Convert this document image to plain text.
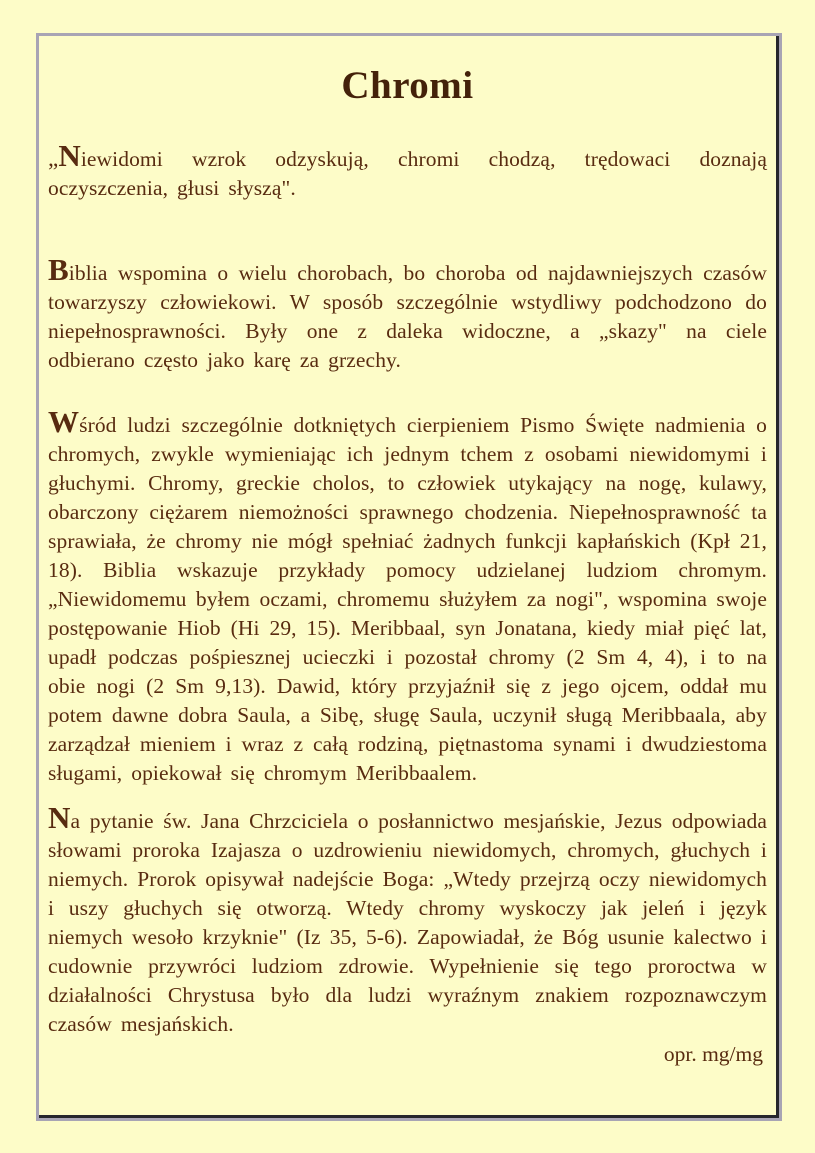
Chromi

„Niewidomi wzrok odzyskują, chromi chodzą, trędowaci doznają oczyszczenia, głusi słyszą".

Biblia wspomina o wielu chorobach, bo choroba od najdawniejszych czasów towarzyszy człowiekowi. W sposób szczególnie wstydliwy podchodzono do niepełnosprawności. Były one z daleka widoczne, a „skazy" na ciele odbierano często jako karę za grzechy.

Wśród ludzi szczególnie dotkniętych cierpieniem Pismo Święte nadmienia o chromych, zwykle wymieniając ich jednym tchem z osobami niewidomymi i głuchymi. Chromy, greckie cholos, to człowiek utykający na nogę, kulawy, obarczony ciężarem niemożności sprawnego chodzenia. Niepełnosprawność ta sprawiała, że chromy nie mógł spełniać żadnych funkcji kapłańskich (Kpł 21, 18). Biblia wskazuje przykłady pomocy udzielanej ludziom chromym. „Niewidomemu byłem oczami, chromemu służyłem za nogi", wspomina swoje postępowanie Hiob (Hi 29, 15). Meribbaal, syn Jonatana, kiedy miał pięć lat, upadł podczas pośpiesznej ucieczki i pozostał chromy (2 Sm 4, 4), i to na obie nogi (2 Sm 9,13). Dawid, który przyjaźnił się z jego ojcem, oddał mu potem dawne dobra Saula, a Sibę, sługę Saula, uczynił sługą Meribbaala, aby zarządzał mieniem i wraz z całą rodziną, piętnastoma synami i dwudziestoma sługami, opiekował się chromym Meribbaalem.

Na pytanie św. Jana Chrzciciela o posłannictwo mesjańskie, Jezus odpowiada słowami proroka Izajasza o uzdrowieniu niewidomych, chromych, głuchych i niemych. Prorok opisywał nadejście Boga: „Wtedy przejrzą oczy niewidomych i uszy głuchych się otworzą. Wtedy chromy wyskoczy jak jeleń i język niemych wesoło krzyknie" (Iz 35, 5-6). Zapowiadał, że Bóg usunie kalectwo i cudownie przywróci ludziom zdrowie. Wypełnienie się tego proroctwa w działalności Chrystusa było dla ludzi wyraźnym znakiem rozpoznawczym czasów mesjańskich.

opr. mg/mg
